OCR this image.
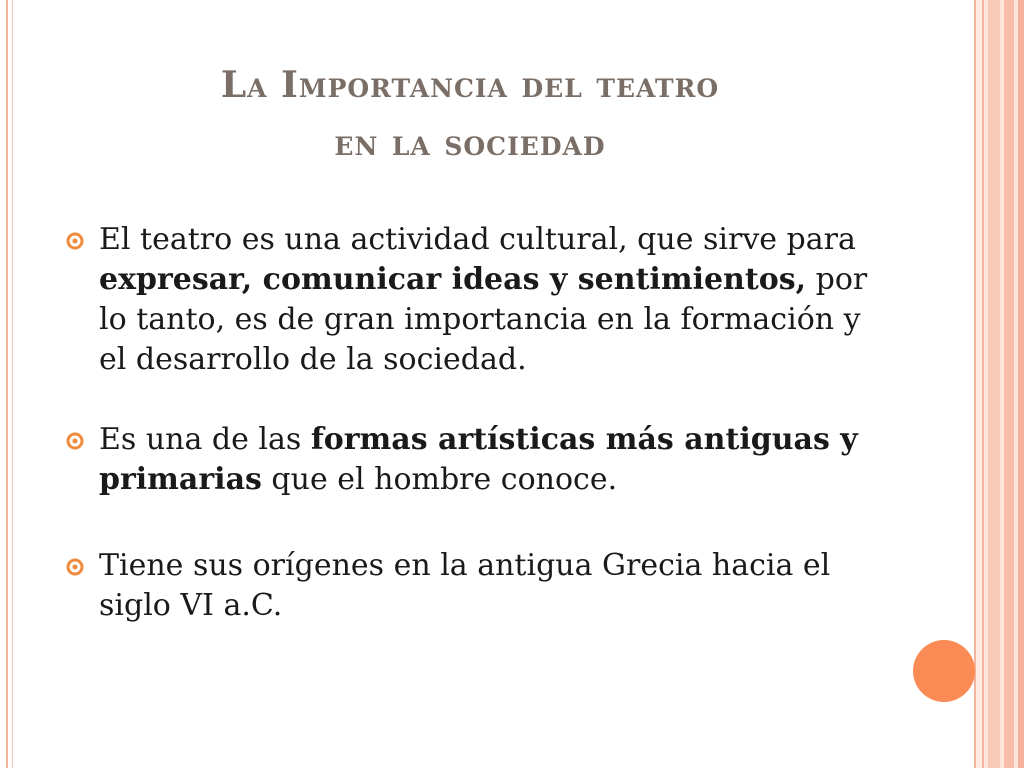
La Importancia del teatro
en la sociedad
El teatro es una actividad cultural, que sirve para expresar, comunicar ideas y sentimientos, por lo tanto, es de gran importancia en la formación y el desarrollo de la sociedad.
Es una de las formas artísticas más antiguas y primarias que el hombre conoce.
Tiene sus orígenes en la antigua Grecia hacia el siglo VI a.C.
